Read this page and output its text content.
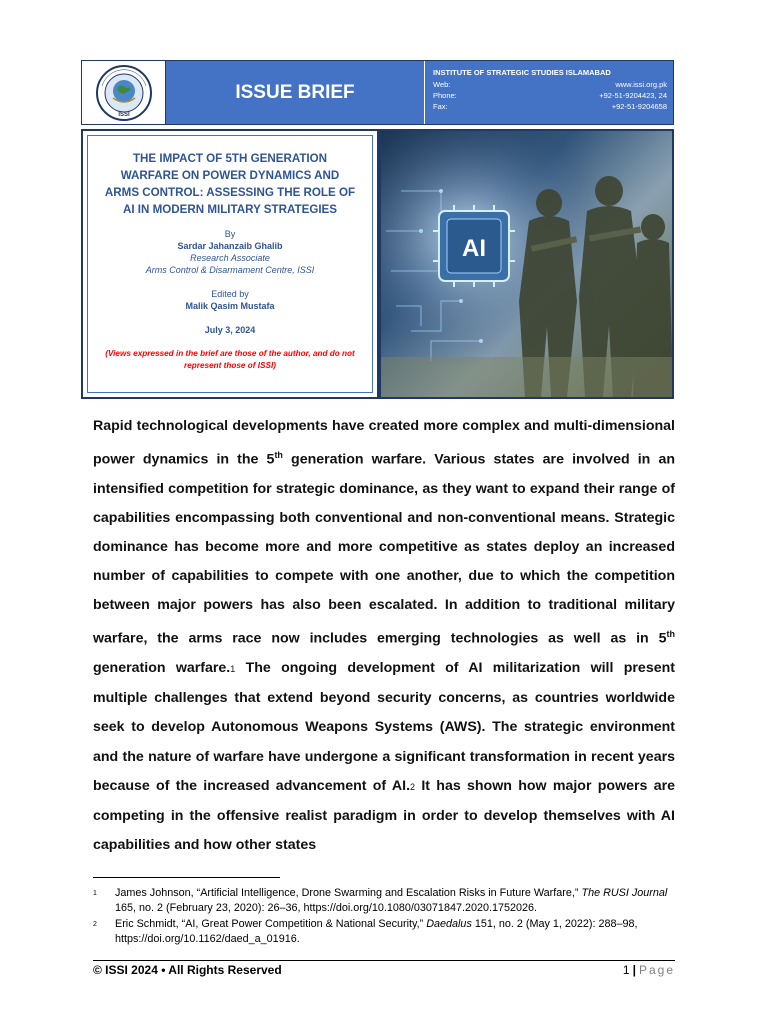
ISSI
ISSUE BRIEF
INSTITUTE OF STRATEGIC STUDIES ISLAMABAD
Web:	www.issi.org.pk
Phone:	+92-51-9204423, 24
Fax:	+92-51-9204658
THE IMPACT OF 5TH GENERATION WARFARE ON POWER DYNAMICS AND ARMS CONTROL: ASSESSING THE ROLE OF AI IN MODERN MILITARY STRATEGIES
By
Sardar Jahanzaib Ghalib
Research Associate
Arms Control & Disarmament Centre, ISSI
Edited by
Malik Qasim Mustafa
July 3, 2024
(Views expressed in the brief are those of the author, and do not represent those of ISSI)
AI

Rapid technological developments have created more complex and multi-dimensional power dynamics in the 5th generation warfare. Various states are involved in an intensified competition for strategic dominance, as they want to expand their range of capabilities encompassing both conventional and non-conventional means. Strategic dominance has become more and more competitive as states deploy an increased number of capabilities to compete with one another, due to which the competition between major powers has also been escalated. In addition to traditional military warfare, the arms race now includes emerging technologies as well as in 5th generation warfare.1 The ongoing development of AI militarization will present multiple challenges that extend beyond security concerns, as countries worldwide seek to develop Autonomous Weapons Systems (AWS). The strategic environment and the nature of warfare have undergone a significant transformation in recent years because of the increased advancement of AI.2 It has shown how major powers are competing in the offensive realist paradigm in order to develop themselves with AI capabilities and how other states

1	James Johnson, “Artificial Intelligence, Drone Swarming and Escalation Risks in Future Warfare,” The RUSI Journal 165, no. 2 (February 23, 2020): 26–36, https://doi.org/10.1080/03071847.2020.1752026.
2	Eric Schmidt, “AI, Great Power Competition & National Security,” Daedalus 151, no. 2 (May 1, 2022): 288–98, https://doi.org/10.1162/daed_a_01916.
© ISSI 2024 • All Rights Reserved	1 | Page
